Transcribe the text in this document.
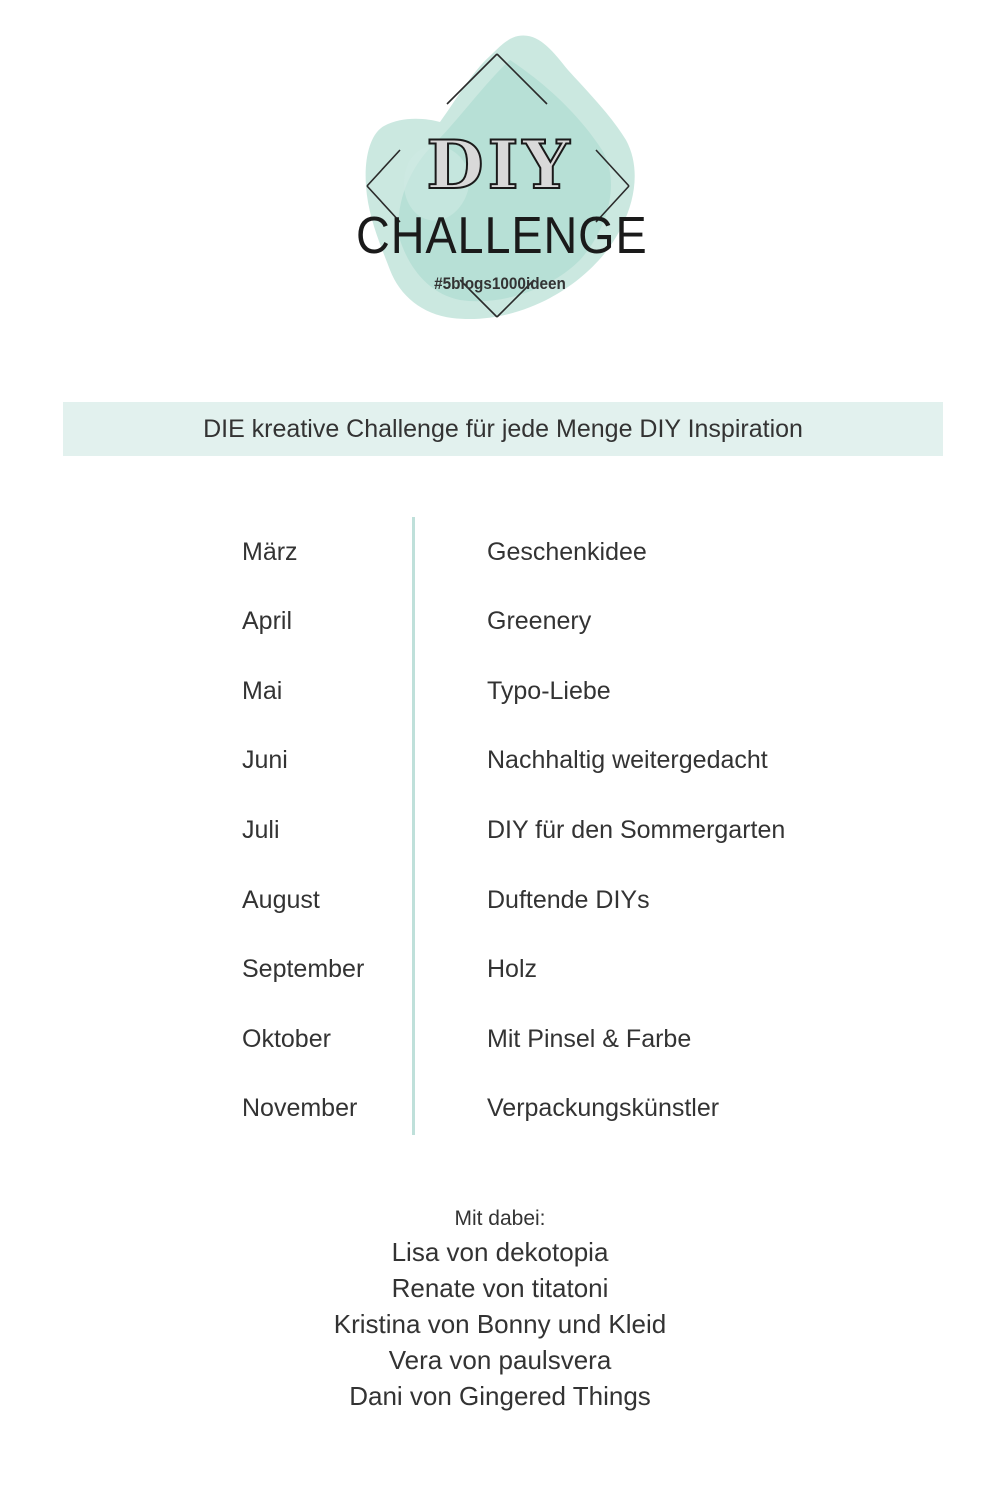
DIY
CHALLENGE
#5blogs1000ideen
DIE kreative Challenge für jede Menge DIY Inspiration
März	Geschenkidee
April	Greenery
Mai	Typo-Liebe
Juni	Nachhaltig weitergedacht
Juli	DIY für den Sommergarten
August	Duftende DIYs
September	Holz
Oktober	Mit Pinsel & Farbe
November	Verpackungskünstler
Mit dabei:
Lisa von dekotopia
Renate von titatoni
Kristina von Bonny und Kleid
Vera von paulsvera
Dani von Gingered Things
